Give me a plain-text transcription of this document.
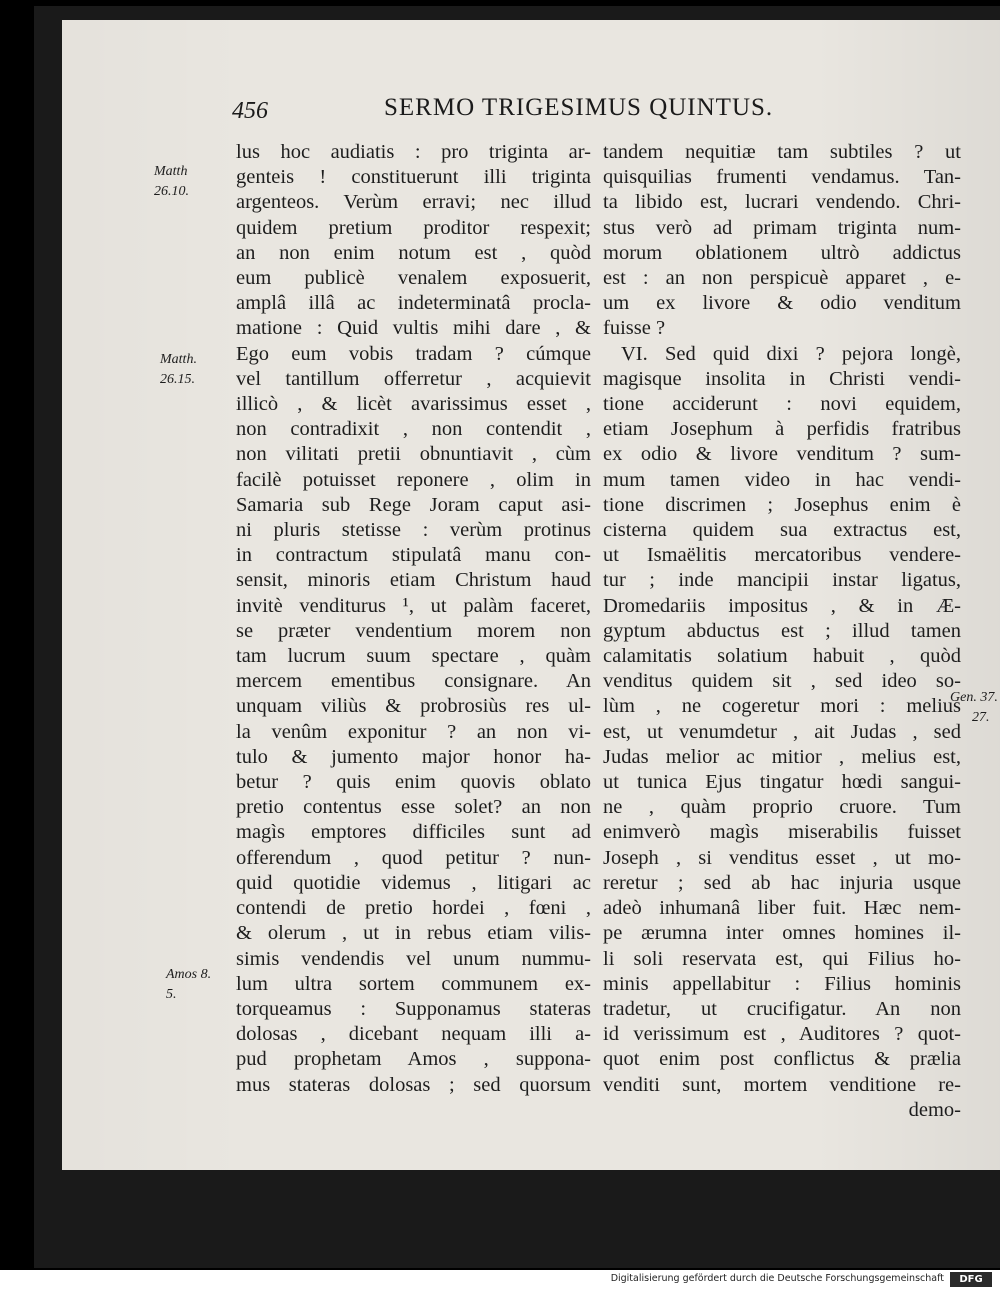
456	SERMO TRIGESIMUS QUINTUS.
Matth
26.10.
Matth.
26.15.
Amos 8.
5.
Gen. 37.
27.
lus hoc audiatis : pro triginta ar-
genteis ! constituerunt illi triginta
argenteos. Verùm erravi; nec illud
quidem pretium proditor respexit;
an non enim notum est , quòd
eum publicè venalem exposuerit,
amplâ illâ ac indeterminatâ procla-
matione : Quid vultis mihi dare , &
Ego eum vobis tradam ? cúmque
vel tantillum offerretur , acquievit
illicò , & licèt avarissimus esset ,
non contradixit , non contendit ,
non vilitati pretii obnuntiavit , cùm
facilè potuisset reponere , olim in
Samaria sub Rege Joram caput asi-
ni pluris stetisse : verùm protinus
in contractum stipulatâ manu con-
sensit, minoris etiam Christum haud
invitè venditurus ¹, ut palàm faceret,
se præter vendentium morem non
tam lucrum suum spectare , quàm
mercem ementibus consignare. An
unquam viliùs & probrosiùs res ul-
la venûm exponitur ? an non vi-
tulo & jumento major honor ha-
betur ? quis enim quovis oblato
pretio contentus esse solet? an non
magìs emptores difficiles sunt ad
offerendum , quod petitur ? nun-
quid quotidie videmus , litigari ac
contendi de pretio hordei , fœni ,
& olerum , ut in rebus etiam vilis-
simis vendendis vel unum nummu-
lum ultra sortem communem ex-
torqueamus : Supponamus stateras
dolosas , dicebant nequam illi a-
pud prophetam Amos , suppona-
mus stateras dolosas ; sed quorsum
tandem nequitiæ tam subtiles ? ut
quisquilias frumenti vendamus. Tan-
ta libido est, lucrari vendendo. Chri-
stus verò ad primam triginta num-
morum oblationem ultrò addictus
est : an non perspicuè apparet , e-
um ex livore & odio venditum
fuisse ?
VI. Sed quid dixi ? pejora longè,
magisque insolita in Christi vendi-
tione acciderunt : novi equidem,
etiam Josephum à perfidis fratribus
ex odio & livore venditum ? sum-
mum tamen video in hac vendi-
tione discrimen ; Josephus enim è
cisterna quidem sua extractus est,
ut Ismaëlitis mercatoribus vendere-
tur ; inde mancipii instar ligatus,
Dromedariis impositus , & in Æ-
gyptum abductus est ; illud tamen
calamitatis solatium habuit , quòd
venditus quidem sit , sed ideo so-
lùm , ne cogeretur mori : melius
est, ut venumdetur , ait Judas , sed
Judas melior ac mitior , melius est,
ut tunica Ejus tingatur hœdi sangui-
ne , quàm proprio cruore. Tum
enimverò magìs miserabilis fuisset
Joseph , si venditus esset , ut mo-
reretur ; sed ab hac injuria usque
adeò inhumanâ liber fuit. Hæc nem-
pe ærumna inter omnes homines il-
li soli reservata est, qui Filius ho-
minis appellabitur : Filius hominis
tradetur, ut crucifigatur. An non
id verissimum est , Auditores ? quot-
quot enim post conflictus & prælia
venditi sunt, mortem venditione re-
demo-
Digitalisierung gefördert durch die Deutsche Forschungsgemeinschaft	DFG
